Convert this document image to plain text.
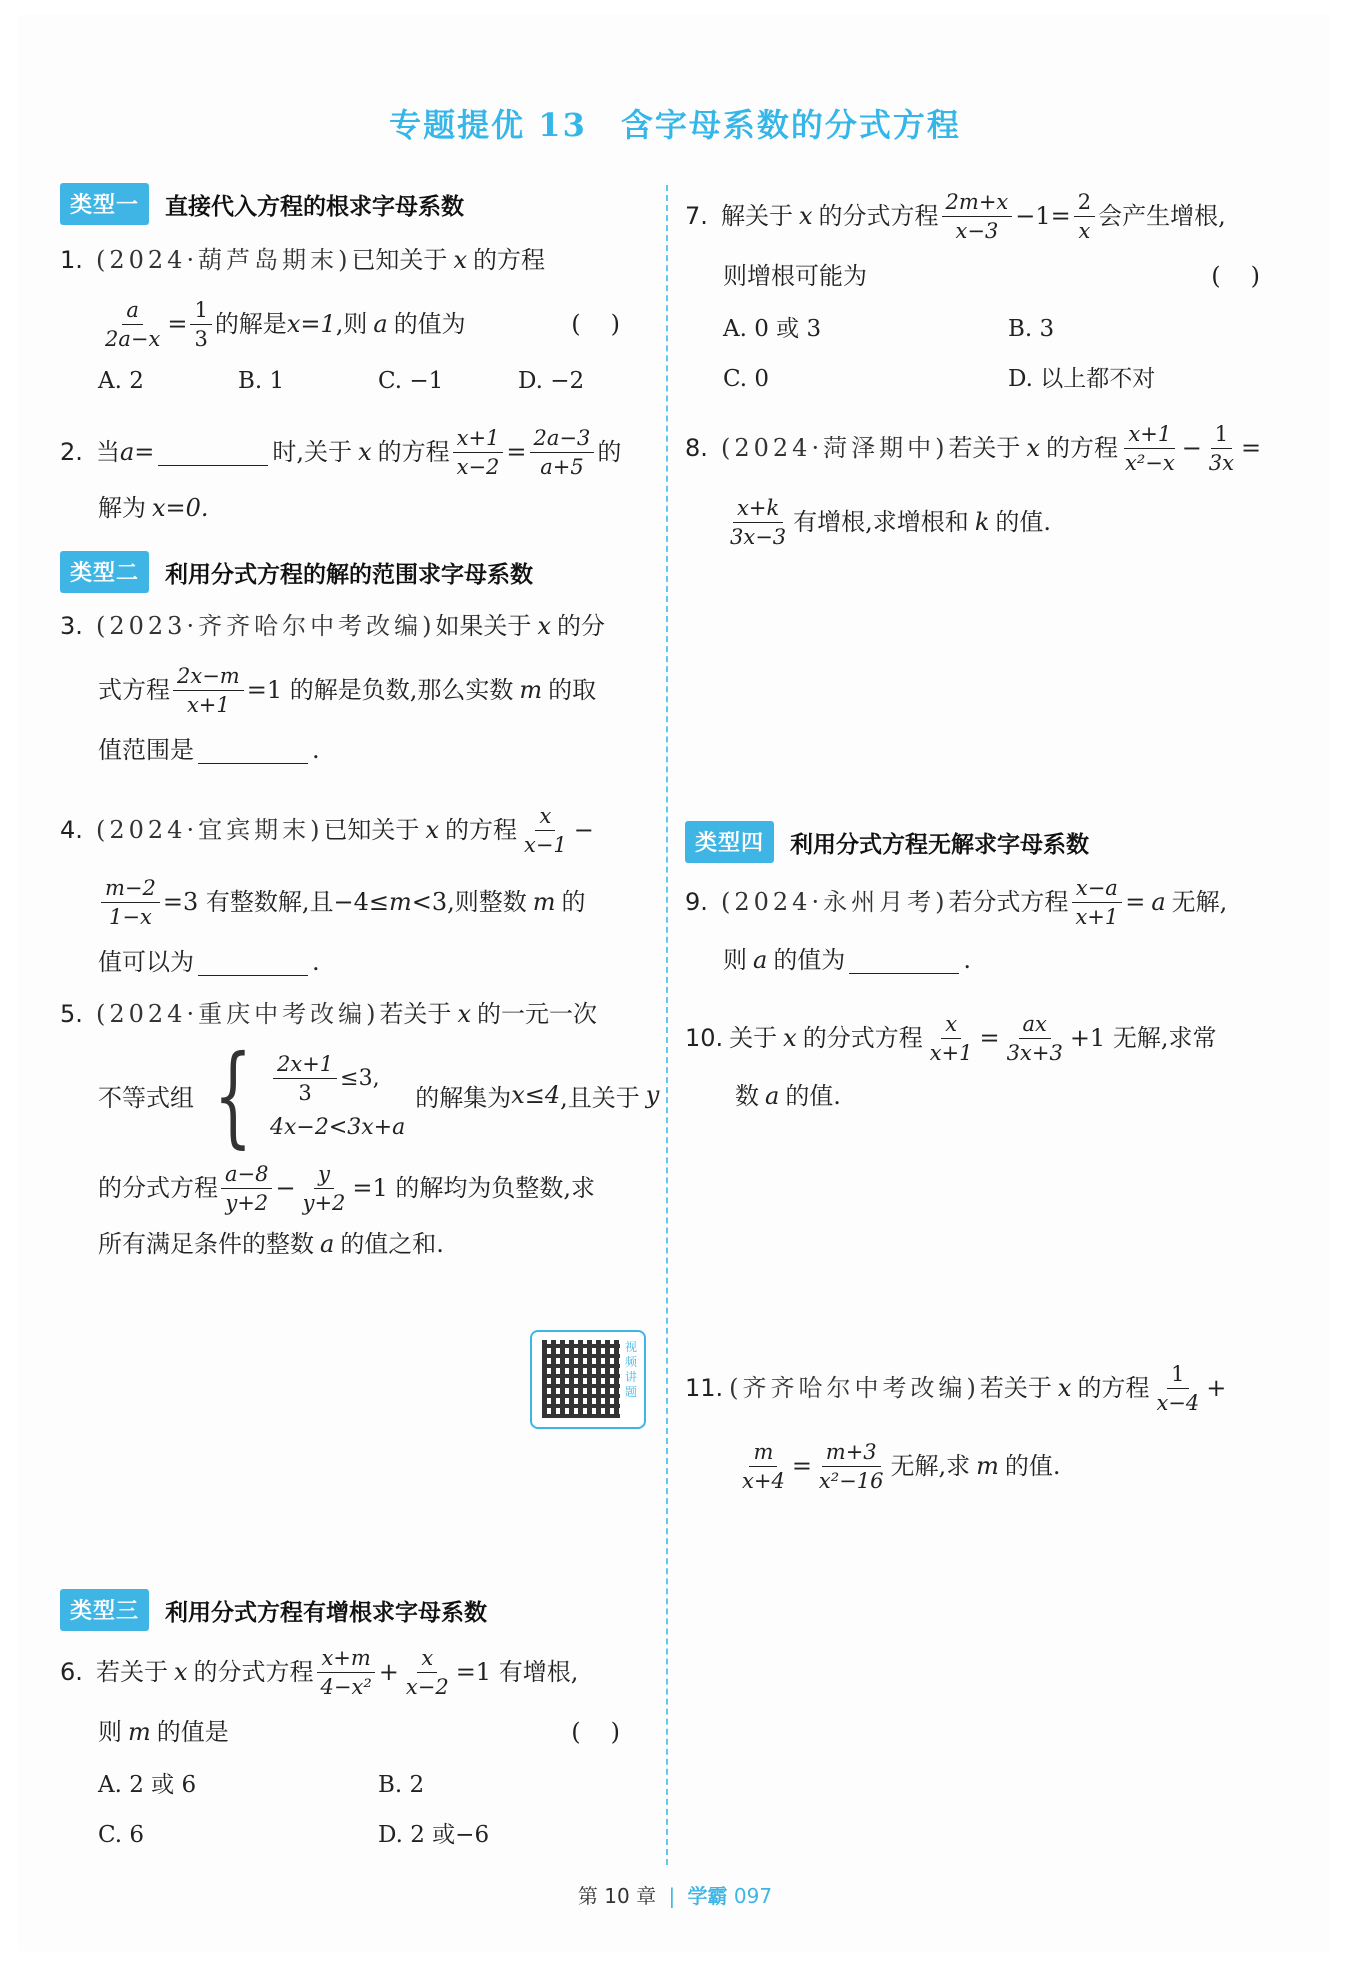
专题提优 13　含字母系数的分式方程
类型一	直接代入方程的根求字母系数
1. (2024·葫芦岛期末) 已知关于 x 的方程
$\frac{a}{2a-x} = \frac{1}{3}$ 的解是 x=1 ,则 a 的值为	()
A. 2	B. 1	C. −1	D. −2
2. 当 a=	时,关于 x 的方程 $\frac{x+1}{x-2} = \frac{2a-3}{a+5}$ 的
解为 x=0.
类型二	利用分式方程的解的范围求字母系数
3. (2023·齐齐哈尔中考改编) 如果关于 x 的分
式方程 $\frac{2x-m}{x+1} =1$ 的解是负数,那么实数 m 的取
值范围是	.
4. (2024·宜宾期末) 已知关于 x 的方程 $\frac{x}{x-1}$ −
$\frac{m-2}{1-x} =3$ 有整数解,且−4≤ m <3,则整数 m 的
值可以为	.
5. (2024·重庆中考改编) 若关于 x 的一元一次
不等式组 { $\frac{2x+1}{3} \le 3$,
4x−2<3x+a
的解集为 x≤4 ,且关于 y
的分式方程 $\frac{a-8}{y+2} - \frac{y}{y+2} =1$ 的解均为负整数,求
所有满足条件的整数 a 的值之和.
类型三	利用分式方程有增根求字母系数
6. 若关于 x 的分式方程 $\frac{x+m}{\text{4−x²}} + \frac{x}{x-2} =1$ 有增根,
则 m 的值是	()
A. 2 或 6	B. 2
C. 6	D. 2 或−6
视频讲题
7. 解关于 x 的分式方程 $\frac{2m+x}{x-3} -1= \frac{2}{x}$ 会产生增根,
则增根可能为	()
A. 0 或 3	B. 3
C. 0	D. 以上都不对
8. (2024·菏泽期中) 若关于 x 的方程 $\frac{x+1}{\text{x²−x}} - \frac{1}{3x}$ =
$\frac{x+k}{3x-3}$ 有增根,求增根和 k 的值.
类型四	利用分式方程无解求字母系数
9. (2024·永州月考) 若分式方程 $\frac{x-a}{x+1} = a$ 无解,
则 a 的值为	.
10. 关于 x 的分式方程 $\frac{x}{x+1} = \frac{ax}{3x+3} +1$ 无解,求常
数 a 的值.
11. (齐齐哈尔中考改编) 若关于 x 的方程 $\frac{1}{x-4}$ +
$\frac{m}{x+4} = \frac{m+3}{\text{x²−16}}$ 无解,求 m 的值.
第 10 章 | 学霸 097
